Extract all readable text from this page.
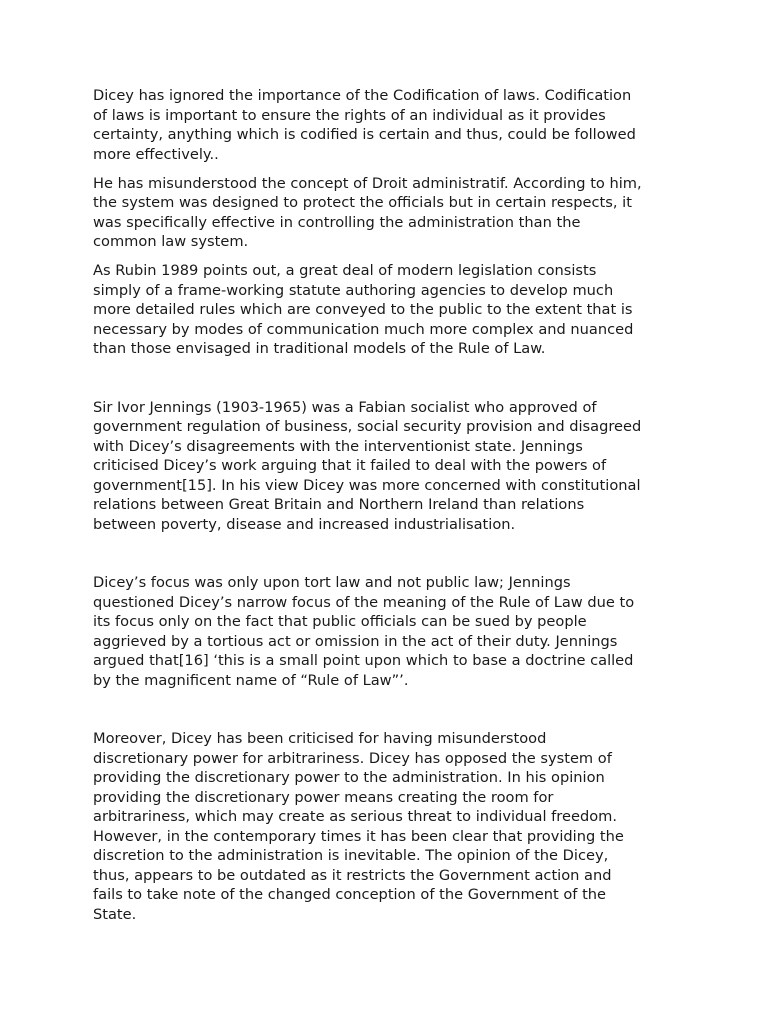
Dicey has ignored the importance of the Codification of laws. Codification
of laws is important to ensure the rights of an individual as it provides
certainty, anything which is codified is certain and thus, could be followed
more effectively..

He has misunderstood the concept of Droit administratif. According to him,
the system was designed to protect the officials but in certain respects, it
was specifically effective in controlling the administration than the
common law system.

As Rubin 1989 points out, a great deal of modern legislation consists
simply of a frame-working statute authoring agencies to develop much
more detailed rules which are conveyed to the public to the extent that is
necessary by modes of communication much more complex and nuanced
than those envisaged in traditional models of the Rule of Law.

Sir Ivor Jennings (1903-1965) was a Fabian socialist who approved of
government regulation of business, social security provision and disagreed
with Dicey’s disagreements with the interventionist state. Jennings
criticised Dicey’s work arguing that it failed to deal with the powers of
government[15]. In his view Dicey was more concerned with constitutional
relations between Great Britain and Northern Ireland than relations
between poverty, disease and increased industrialisation.

Dicey’s focus was only upon tort law and not public law; Jennings
questioned Dicey’s narrow focus of the meaning of the Rule of Law due to
its focus only on the fact that public officials can be sued by people
aggrieved by a tortious act or omission in the act of their duty. Jennings
argued that[16] ‘this is a small point upon which to base a doctrine called
by the magnificent name of “Rule of Law”’.

Moreover, Dicey has been criticised for having misunderstood
discretionary power for arbitrariness. Dicey has opposed the system of
providing the discretionary power to the administration. In his opinion
providing the discretionary power means creating the room for
arbitrariness, which may create as serious threat to individual freedom.
However, in the contemporary times it has been clear that providing the
discretion to the administration is inevitable. The opinion of the Dicey,
thus, appears to be outdated as it restricts the Government action and
fails to take note of the changed conception of the Government of the
State.
